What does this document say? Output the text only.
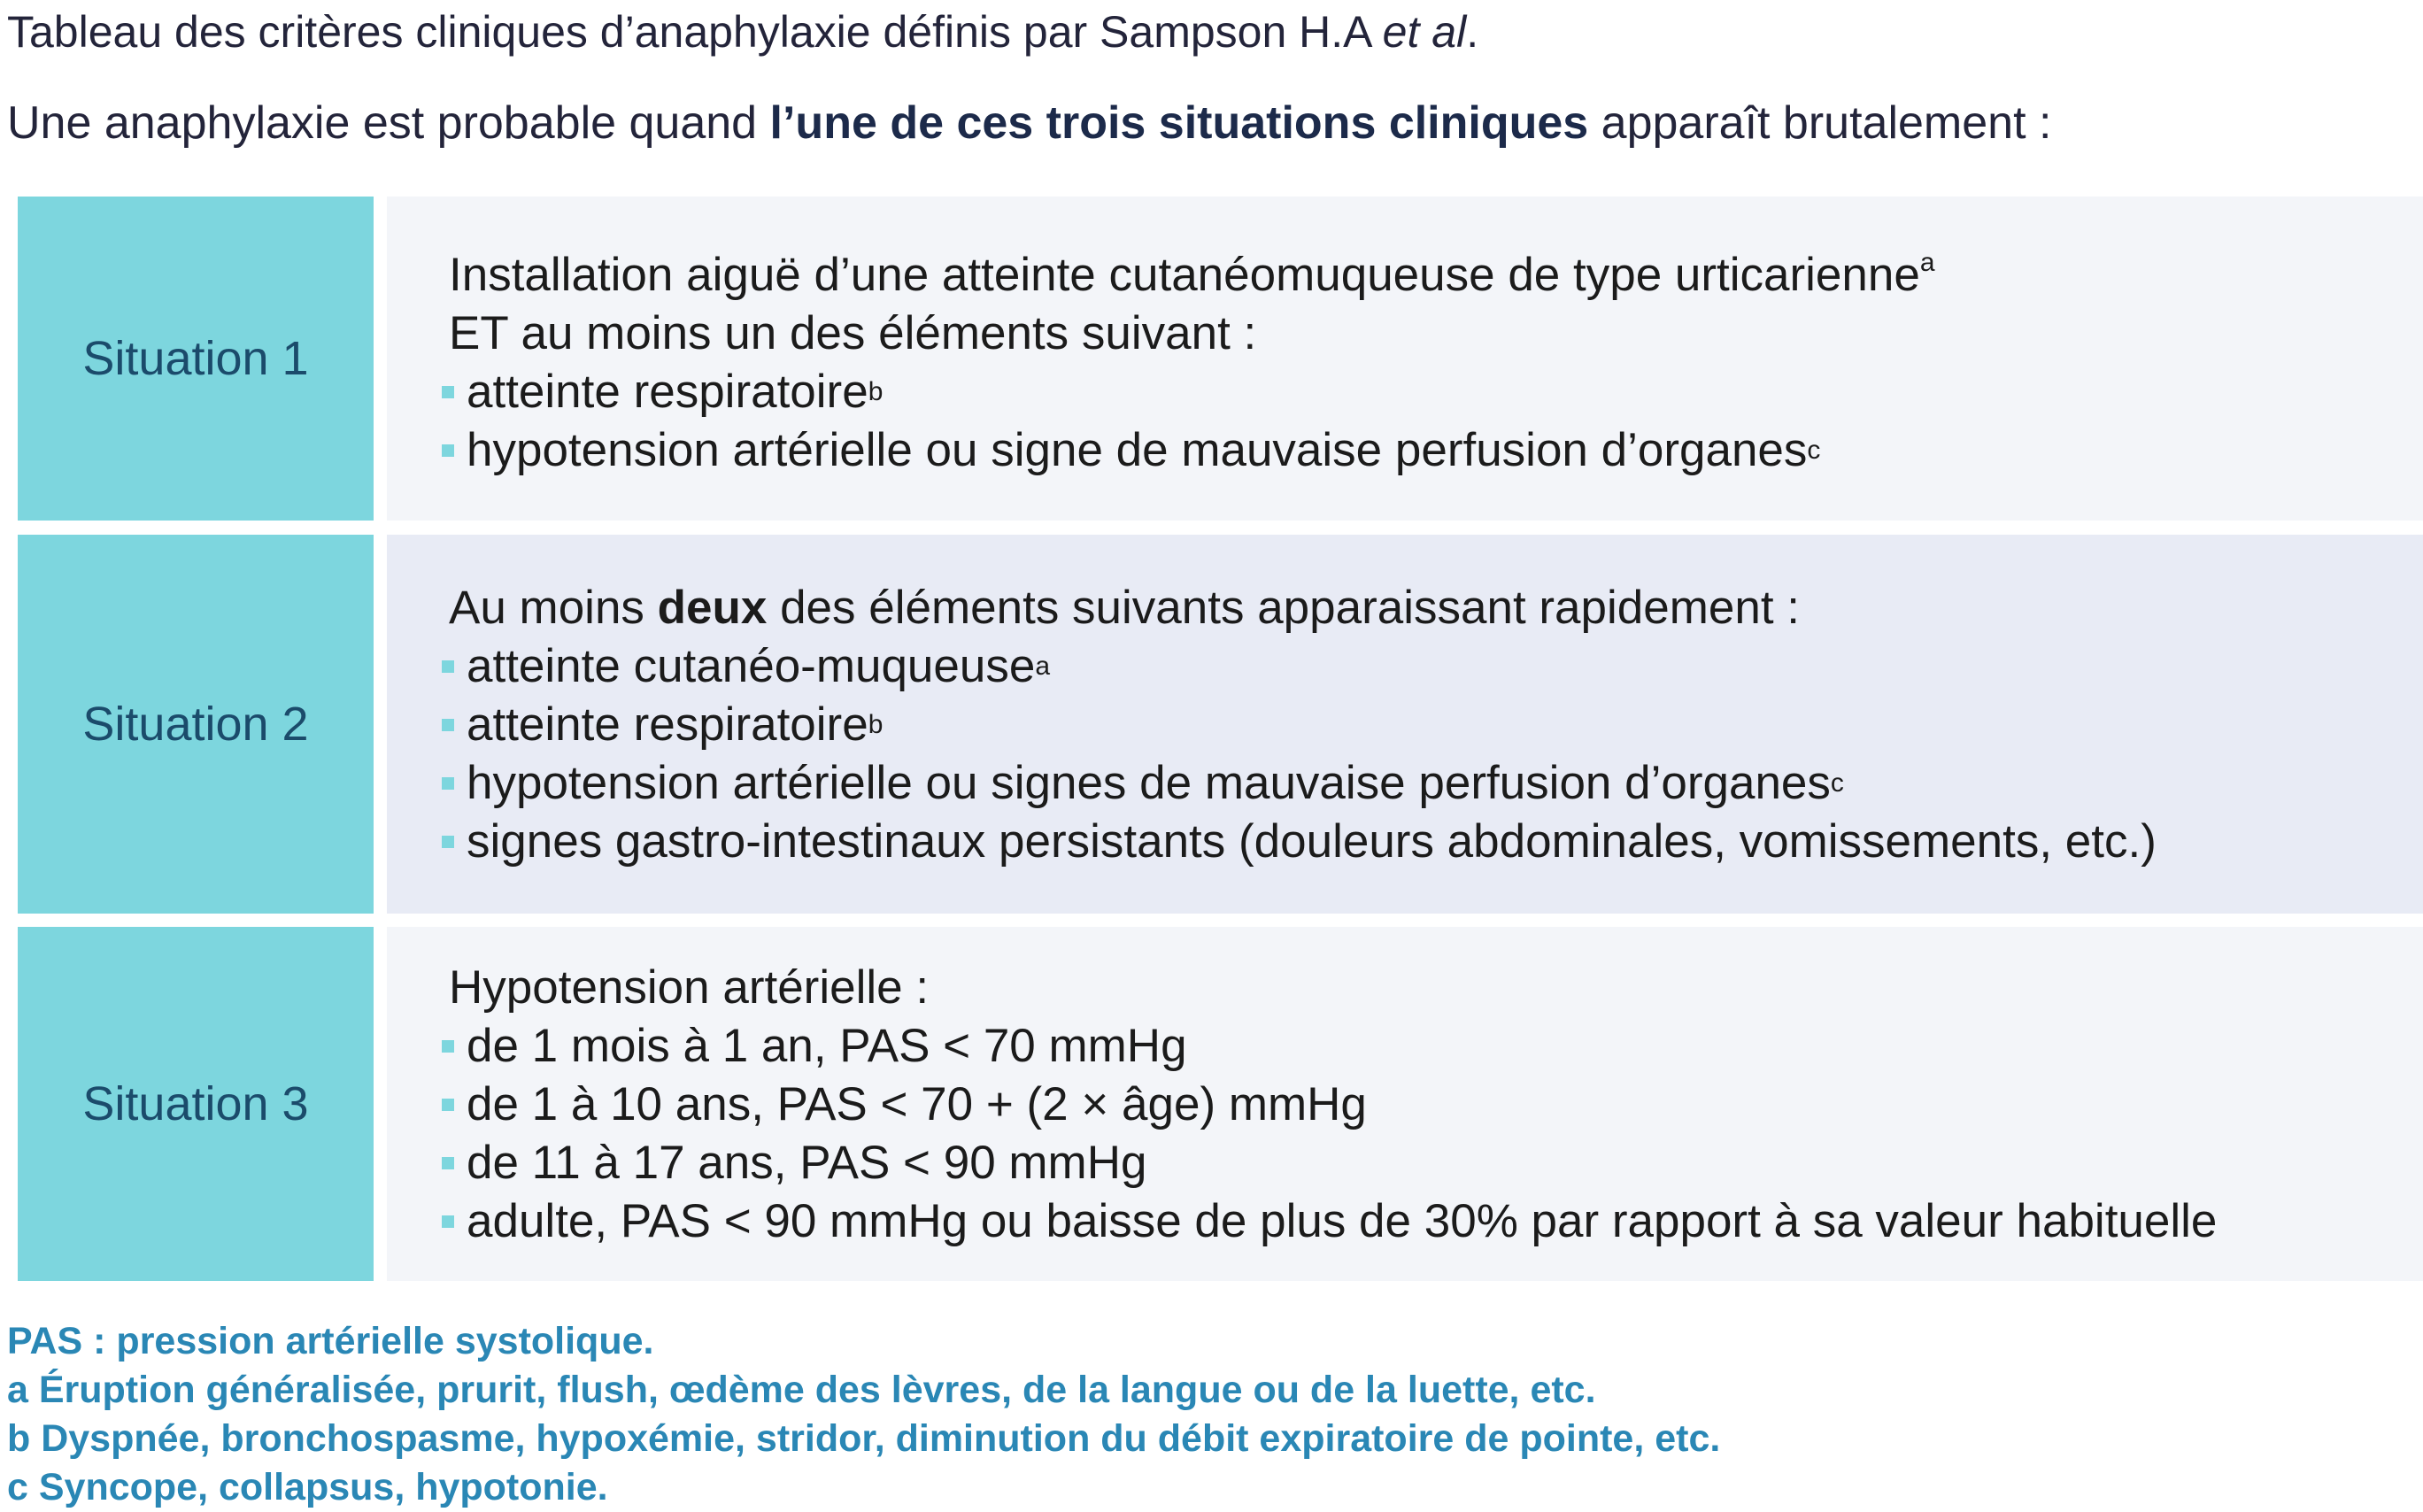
Tableau des critères cliniques d’anaphylaxie définis par Sampson H.A et al.
Une anaphylaxie est probable quand l’une de ces trois situations cliniques apparaît brutalement :
Situation 1
Installation aiguë d’une atteinte cutanéomuqueuse de type urticarienne$^a$
ET au moins un des éléments suivant :
atteinte respiratoire b
hypotension artérielle ou signe de mauvaise perfusion d’organes c
Situation 2
Au moins deux des éléments suivants apparaissant rapidement :
atteinte cutanéo-muqueuse a
atteinte respiratoire b
hypotension artérielle ou signes de mauvaise perfusion d’organes c
signes gastro-intestinaux persistants (douleurs abdominales, vomissements, etc.)
Situation 3
Hypotension artérielle :
de 1 mois à 1 an, PAS < 70 mmHg
de 1 à 10 ans, PAS < 70 + (2 × âge) mmHg
de 11 à 17 ans, PAS < 90 mmHg
adulte, PAS < 90 mmHg ou baisse de plus de 30% par rapport à sa valeur habituelle
PAS : pression artérielle systolique.
a Éruption généralisée, prurit, flush, œdème des lèvres, de la langue ou de la luette, etc.
b Dyspnée, bronchospasme, hypoxémie, stridor, diminution du débit expiratoire de pointe, etc.
c Syncope, collapsus, hypotonie.
